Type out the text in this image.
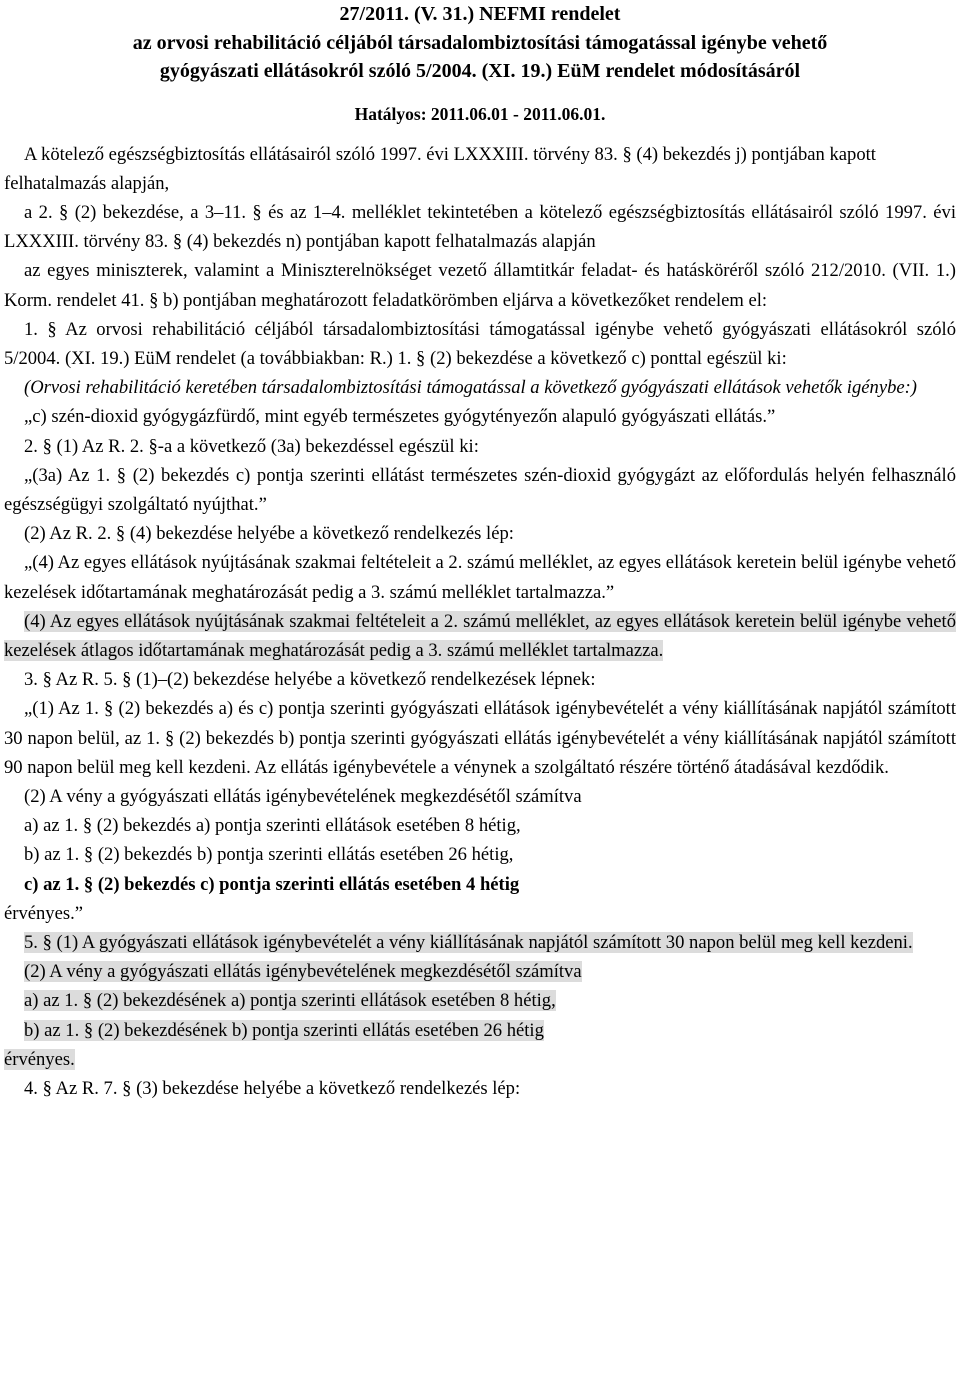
27/2011. (V. 31.) NEFMI rendelet
az orvosi rehabilitáció céljából társadalombiztosítási támogatással igénybe vehető
gyógyászati ellátásokról szóló 5/2004. (XI. 19.) EüM rendelet módosításáról
Hatályos: 2011.06.01 - 2011.06.01.

A kötelező egészségbiztosítás ellátásairól szóló 1997. évi LXXXIII. törvény 83. § (4) bekezdés j) pontjában kapott felhatalmazás alapján,

a 2. § (2) bekezdése, a 3–11. § és az 1–4. melléklet tekintetében a kötelező egészségbiztosítás ellátásairól szóló 1997. évi LXXXIII. törvény 83. § (4) bekezdés n) pontjában kapott felhatalmazás alapján

az egyes miniszterek, valamint a Miniszterelnökséget vezető államtitkár feladat- és hatásköréről szóló 212/2010. (VII. 1.) Korm. rendelet 41. § b) pontjában meghatározott feladatkörömben eljárva a következőket rendelem el:

1. § Az orvosi rehabilitáció céljából társadalombiztosítási támogatással igénybe vehető gyógyászati ellátásokról szóló 5/2004. (XI. 19.) EüM rendelet (a továbbiakban: R.) 1. § (2) bekezdése a következő c) ponttal egészül ki:

(Orvosi rehabilitáció keretében társadalombiztosítási támogatással a következő gyógyászati ellátások vehetők igénybe:)

„c) szén-dioxid gyógygázfürdő, mint egyéb természetes gyógytényezőn alapuló gyógyászati ellátás.”

2. § (1) Az R. 2. §-a a következő (3a) bekezdéssel egészül ki:

„(3a) Az 1. § (2) bekezdés c) pontja szerinti ellátást természetes szén-dioxid gyógygázt az előfordulás helyén felhasználó egészségügyi szolgáltató nyújthat.”

(2) Az R. 2. § (4) bekezdése helyébe a következő rendelkezés lép:

„(4) Az egyes ellátások nyújtásának szakmai feltételeit a 2. számú melléklet, az egyes ellátások keretein belül igénybe vehető kezelések időtartamának meghatározását pedig a 3. számú melléklet tartalmazza.”

(4) Az egyes ellátások nyújtásának szakmai feltételeit a 2. számú melléklet, az egyes ellátások keretein belül igénybe vehető kezelések átlagos időtartamának meghatározását pedig a 3. számú melléklet tartalmazza.

3. § Az R. 5. § (1)–(2) bekezdése helyébe a következő rendelkezések lépnek:

„(1) Az 1. § (2) bekezdés a) és c) pontja szerinti gyógyászati ellátások igénybevételét a vény kiállításának napjától számított 30 napon belül, az 1. § (2) bekezdés b) pontja szerinti gyógyászati ellátás igénybevételét a vény kiállításának napjától számított 90 napon belül meg kell kezdeni. Az ellátás igénybevétele a vénynek a szolgáltató részére történő átadásával kezdődik.

(2) A vény a gyógyászati ellátás igénybevételének megkezdésétől számítva

a) az 1. § (2) bekezdés a) pontja szerinti ellátások esetében 8 hétig,

b) az 1. § (2) bekezdés b) pontja szerinti ellátás esetében 26 hétig,

c) az 1. § (2) bekezdés c) pontja szerinti ellátás esetében 4 hétig

érvényes.”

5. § (1) A gyógyászati ellátások igénybevételét a vény kiállításának napjától számított 30 napon belül meg kell kezdeni.

(2) A vény a gyógyászati ellátás igénybevételének megkezdésétől számítva

a) az 1. § (2) bekezdésének a) pontja szerinti ellátások esetében 8 hétig,

b) az 1. § (2) bekezdésének b) pontja szerinti ellátás esetében 26 hétig

érvényes.

4. § Az R. 7. § (3) bekezdése helyébe a következő rendelkezés lép:
